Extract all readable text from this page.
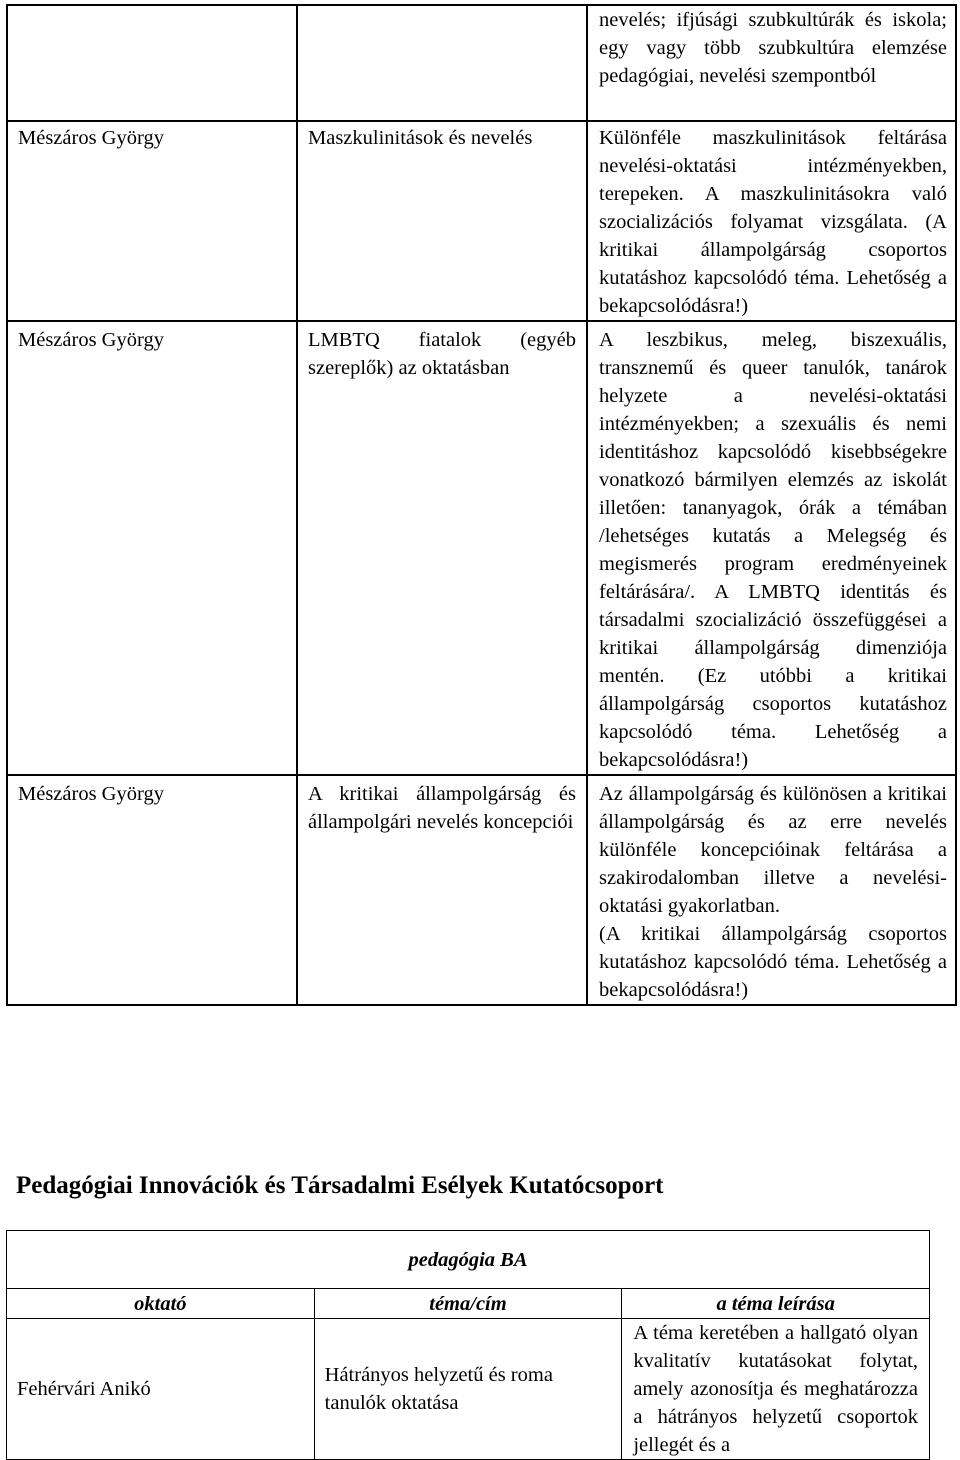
		nevelés; ifjúsági szubkultúrák és iskola; egy vagy több szubkultúra elemzése pedagógiai, nevelési szempontból
Mészáros György	Maszkulinitások és nevelés	Különféle maszkulinitások feltárása nevelési-oktatási intézményekben, terepeken. A maszkulinitásokra való szocializációs folyamat vizsgálata. (A kritikai állampolgárság csoportos kutatáshoz kapcsolódó téma. Lehetőség a bekapcsolódásra!)
Mészáros György	LMBTQ fiatalok (egyéb szereplők) az oktatásban	A leszbikus, meleg, biszexuális, transznemű és queer tanulók, tanárok helyzete a nevelési-oktatási intézményekben; a szexuális és nemi identitáshoz kapcsolódó kisebbségekre vonatkozó bármilyen elemzés az iskolát illetően: tananyagok, órák a témában /lehetséges kutatás a Melegség és megismerés program eredményeinek feltárására/. A LMBTQ identitás és társadalmi szocializáció összefüggései a kritikai állampolgárság dimenziója mentén. (Ez utóbbi a kritikai állampolgárság csoportos kutatáshoz kapcsolódó téma. Lehetőség a bekapcsolódásra!)
Mészáros György	A kritikai állampolgárság és állampolgári nevelés koncepciói	Az állampolgárság és különösen a kritikai állampolgárság és az erre nevelés különféle koncepcióinak feltárása a szakirodalomban illetve a nevelési-oktatási gyakorlatban.
(A kritikai állampolgárság csoportos kutatáshoz kapcsolódó téma. Lehetőség a bekapcsolódásra!)
Pedagógiai Innovációk és Társadalmi Esélyek Kutatócsoport
pedagógia BA		
oktató	téma/cím	a téma leírása
Fehérvári Anikó	Hátrányos helyzetű és roma tanulók oktatása	A téma keretében a hallgató olyan kvalitatív kutatásokat folytat, amely azonosítja és meghatározza a hátrányos helyzetű csoportok jellegét és a
